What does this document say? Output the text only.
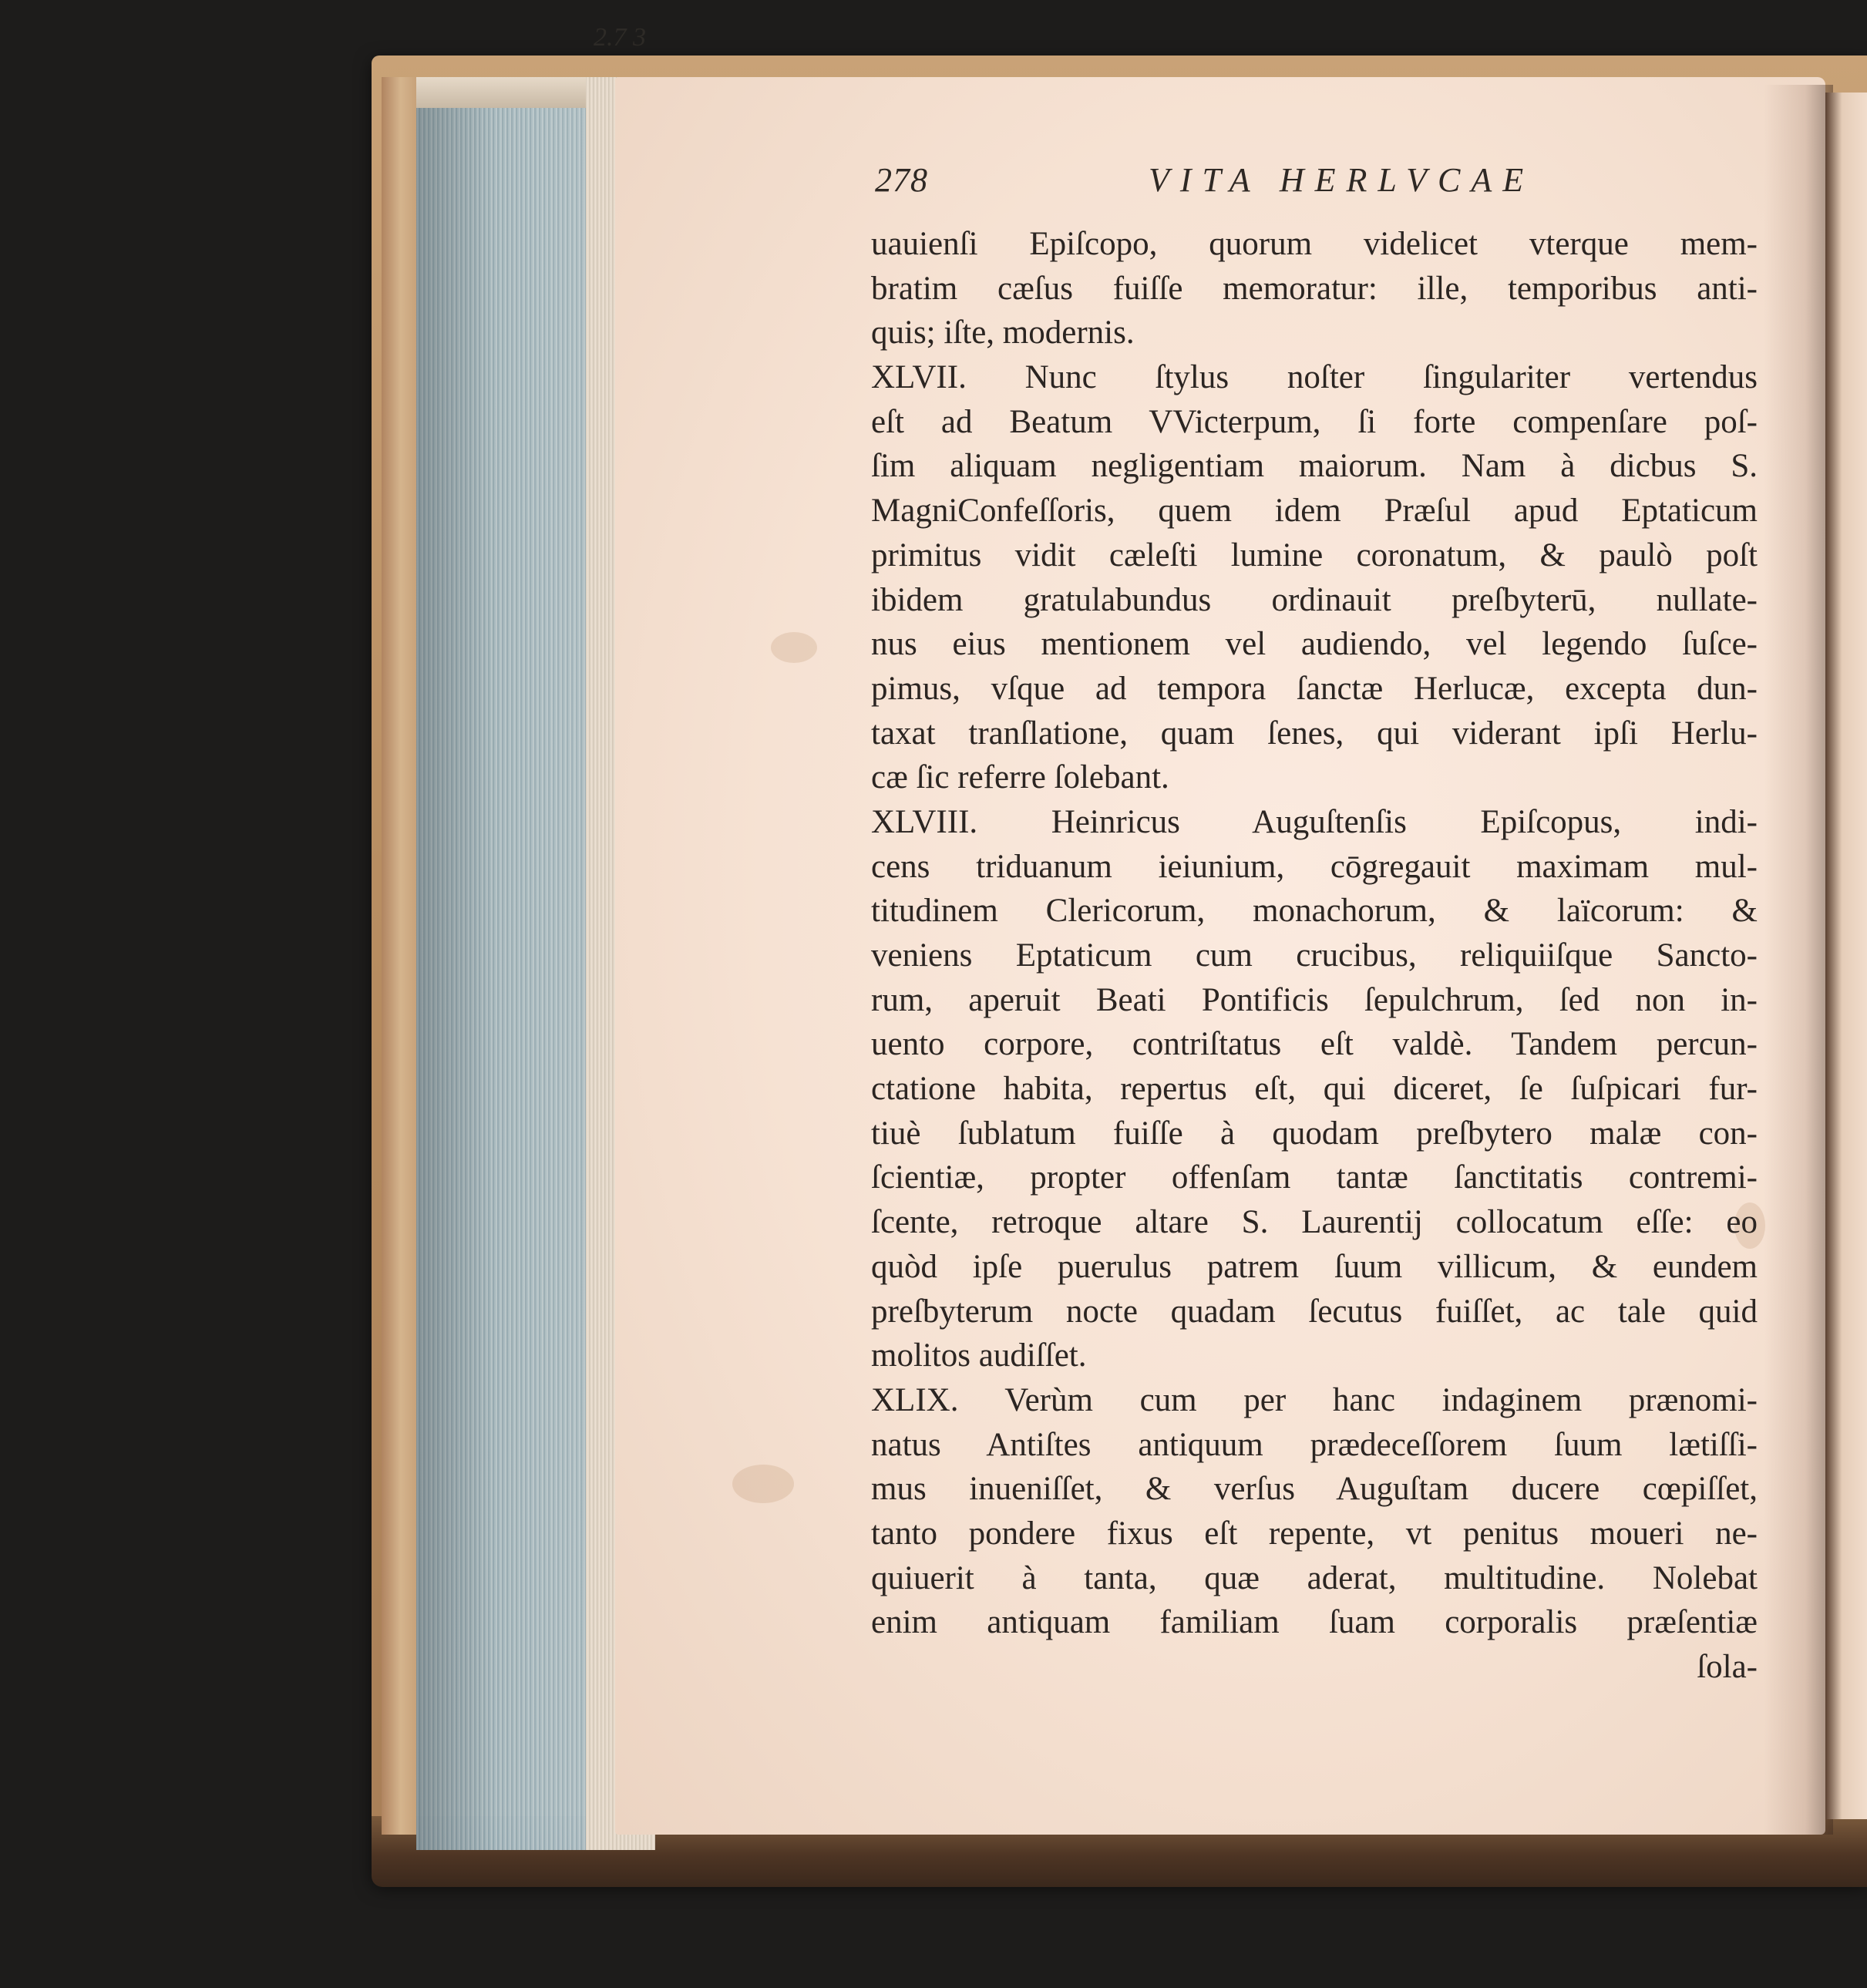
2.7 3
278	VITA HERLVCAE
uauienſi Epiſcopo, quorum videlicet vterque mem-
bratim cæſus fuiſſe memoratur: ille, temporibus anti-
quis; iſte, modernis.
XLVII. Nunc ſtylus noſter ſingulariter vertendus
eſt ad Beatum VVicterpum, ſi forte compenſare poſ-
ſim aliquam negligentiam maiorum. Nam à dicbus S.
MagniConfeſſoris, quem idem Præſul apud Eptaticum
primitus vidit cæleſti lumine coronatum, & paulò poſt
ibidem gratulabundus ordinauit preſbyterū, nullate-
nus eius mentionem vel audiendo, vel legendo ſuſce-
pimus, vſque ad tempora ſanctæ Herlucæ, excepta dun-
taxat tranſlatione, quam ſenes, qui viderant ipſi Herlu-
cæ ſic referre ſolebant.
XLVIII. Heinricus Auguſtenſis Epiſcopus, indi-
cens triduanum ieiunium, cōgregauit maximam mul-
titudinem Clericorum, monachorum, & laïcorum: &
veniens Eptaticum cum crucibus, reliquiiſque Sancto-
rum, aperuit Beati Pontificis ſepulchrum, ſed non in-
uento corpore, contriſtatus eſt valdè. Tandem percun-
ctatione habita, repertus eſt, qui diceret, ſe ſuſpicari fur-
tiuè ſublatum fuiſſe à quodam preſbytero malæ con-
ſcientiæ, propter offenſam tantæ ſanctitatis contremi-
ſcente, retroque altare S. Laurentij collocatum eſſe: eo
quòd ipſe puerulus patrem ſuum villicum, & eundem
preſbyterum nocte quadam ſecutus fuiſſet, ac tale quid
molitos audiſſet.
XLIX. Verùm cum per hanc indaginem prænomi-
natus Antiſtes antiquum prædeceſſorem ſuum lætiſſi-
mus inueniſſet, & verſus Auguſtam ducere cœpiſſet,
tanto pondere fixus eſt repente, vt penitus moueri ne-
quiuerit à tanta, quæ aderat, multitudine. Nolebat
enim antiquam familiam ſuam corporalis præſentiæ
ſola-
